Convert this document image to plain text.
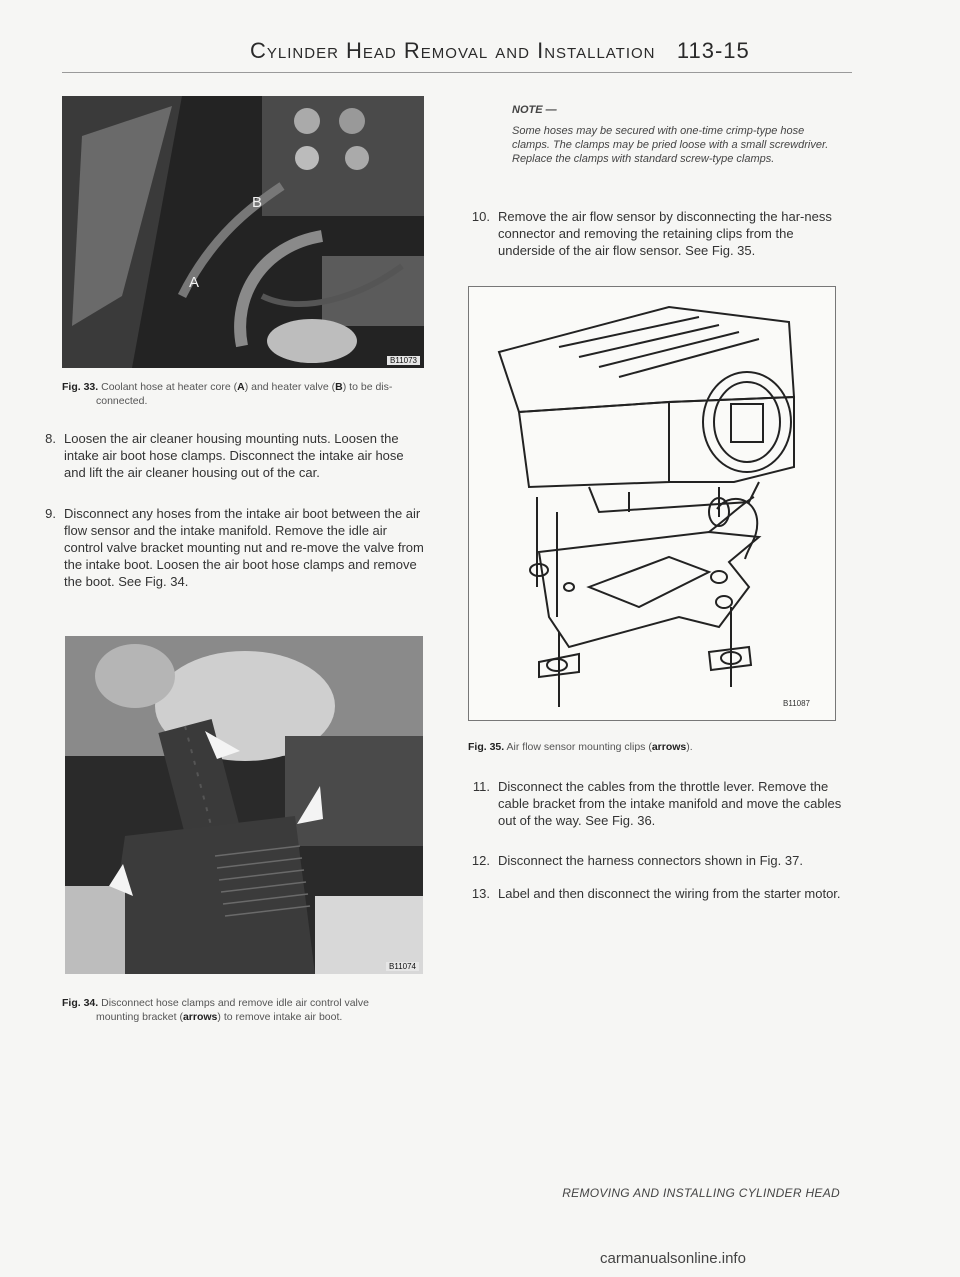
Cylinder Head Removal and Installation 113-15
A
B
B11073
Fig. 33. Coolant hose at heater core (A) and heater valve (B) to be dis-
connected.
8. Loosen the air cleaner housing mounting nuts. Loosen the intake air boot hose clamps. Disconnect the intake air hose and lift the air cleaner housing out of the car.
9. Disconnect any hoses from the intake air boot between the air flow sensor and the intake manifold. Remove the idle air control valve bracket mounting nut and re-move the valve from the intake boot. Loosen the air boot hose clamps and remove the boot. See Fig. 34.
B11074
Fig. 34. Disconnect hose clamps and remove idle air control valve
mounting bracket (arrows) to remove intake air boot.
NOTE —
Some hoses may be secured with one-time crimp-type hose clamps. The clamps may be pried loose with a small screwdriver. Replace the clamps with standard screw-type clamps.
10. Remove the air flow sensor by disconnecting the har-ness connector and removing the retaining clips from the underside of the air flow sensor. See Fig. 35.
B11087
Fig. 35. Air flow sensor mounting clips (arrows).
11. Disconnect the cables from the throttle lever. Remove the cable bracket from the intake manifold and move the cables out of the way. See Fig. 36.
12. Disconnect the harness connectors shown in Fig. 37.
13. Label and then disconnect the wiring from the starter motor.
REMOVING AND INSTALLING CYLINDER HEAD
carmanualsonline.info
